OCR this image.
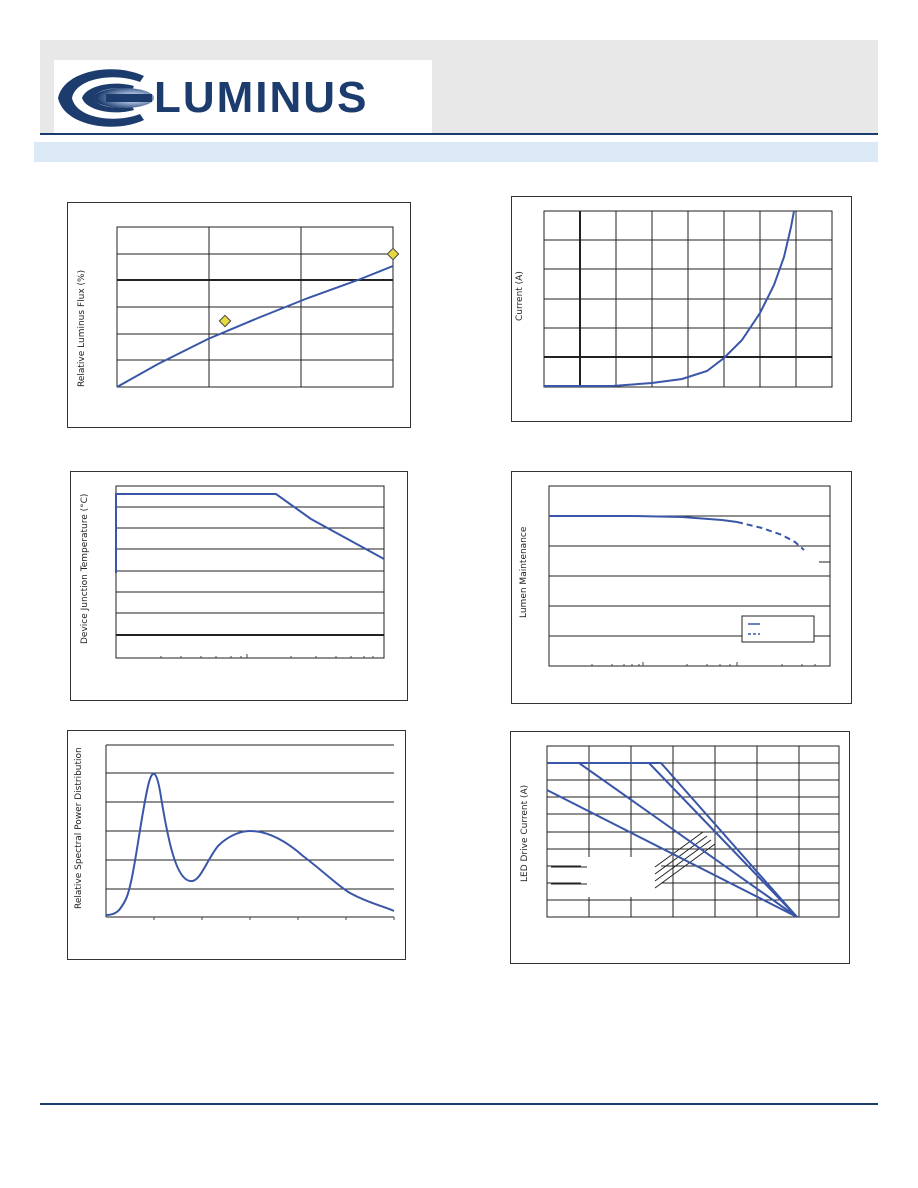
LUMINUS
Relative Luminus Flux (%)	Current (A)
Device Junction Temperature (°C)	Lumen Maintenance
Relative Spectral Power Distribution	LED Drive Current (A)
